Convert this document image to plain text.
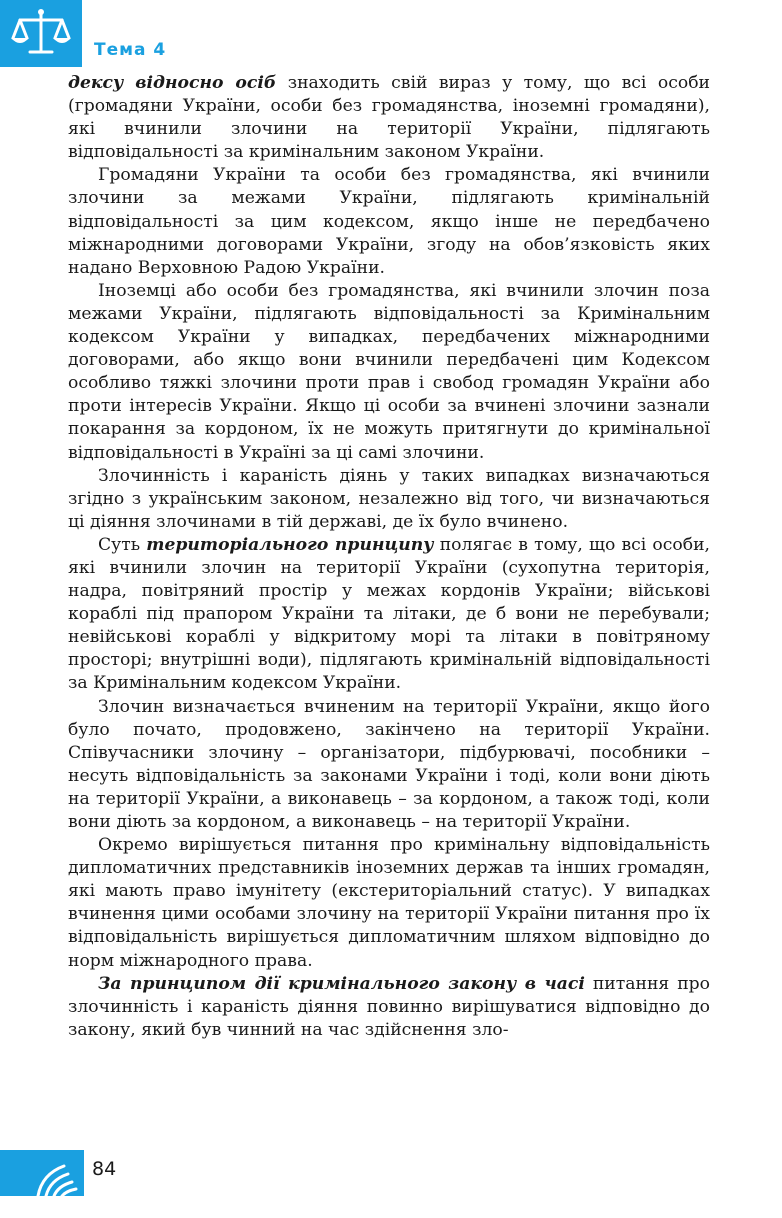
Тема 4

дексу відносно осіб знаходить свій вираз у тому, що всі особи (громадяни України, особи без громадянства, іноземні громадяни), які вчинили злочини на території України, підлягають відповідальності за кримінальним законом України.

Громадяни України та особи без громадянства, які вчинили злочини за межами України, підлягають кримінальній відповідальності за цим кодексом, якщо інше не передбачено міжнародними договорами України, згоду на обов’язковість яких надано Верховною Радою України.

Іноземці або особи без громадянства, які вчинили злочин поза межами України, підлягають відповідальності за Кримінальним кодексом України у випадках, передбачених міжнародними договорами, або якщо вони вчинили передбачені цим Кодексом особливо тяжкі злочини проти прав і свобод громадян України або проти інтересів України. Якщо ці особи за вчинені злочини зазнали покарання за кордоном, їх не можуть притягнути до кримінальної відповідальності в Україні за ці самі злочини.

Злочинність і караність діянь у таких випадках визначаються згідно з українським законом, незалежно від того, чи визначаються ці діяння злочинами в тій державі, де їх було вчинено.

Суть територіального принципу полягає в тому, що всі особи, які вчинили злочин на території України (сухопутна територія, надра, повітряний простір у межах кордонів України; військові кораблі під прапором України та літаки, де б вони не перебували; невійськові кораблі у відкритому морі та літаки в повітряному просторі; внутрішні води), підлягають кримінальній відповідальності за Кримінальним кодексом України.

Злочин визначається вчиненим на території України, якщо його було почато, продовжено, закінчено на території України. Співучасники злочину – організатори, підбурювачі, пособники – несуть відповідальність за законами України і тоді, коли вони діють на території України, а виконавець – за кордоном, а також тоді, коли вони діють за кордоном, а виконавець – на території України.

Окремо вирішується питання про кримінальну відповідальність дипломатичних представників іноземних держав та інших громадян, які мають право імунітету (екстериторіальний статус). У випадках вчинення цими особами злочину на території України питання про їх відповідальність вирішується дипломатичним шляхом відповідно до норм міжнародного права.

За принципом дії кримінального закону в часі питання про злочинність і караність діяння повинно вирішуватися відповідно до закону, який був чинний на час здійснення зло-

84
